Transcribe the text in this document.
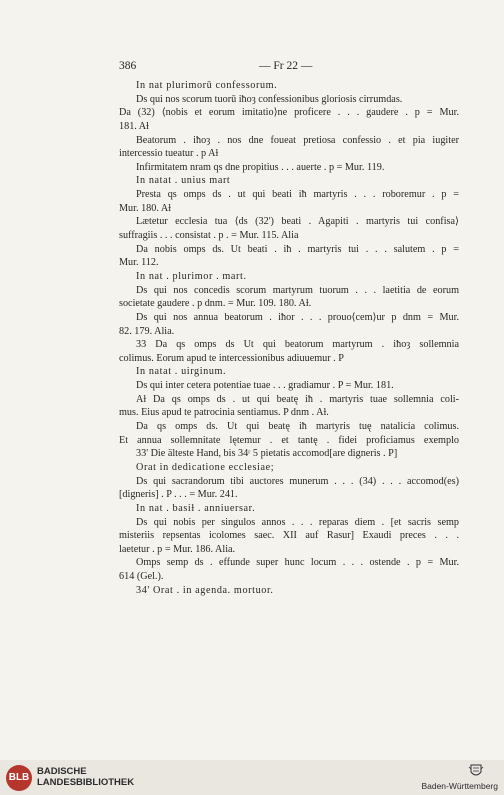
386	— Fr 22 —
In nat plurimorū confessorum.
Ds qui nos scorum tuorū iħoȝ confessionibus gloriosis cirrumdas.
Da (32) ⟨nobis et eorum imitatio⟩ne proficere . . . gaudere . p = Mur.
181. Aƚ
Beatorum . iħoȝ . nos dne foueat pretiosa confessio . et pia iugiter
intercessio tueatur . p Aƚ
Infirmitatem nram qs dne propitius . . . auerte . p = Mur. 119.
In natat . unius mart
Presta qs omps ds . ut qui beati iħ martyris . . . roboremur . p =
Mur. 180. Aƚ
Lætetur ecclesia tua ⟨ds (32') beati . Agapiti . martyris tui confisa⟩
suffragiis . . . consistat . p . = Mur. 115. Alia
Da nobis omps ds. Ut beati . iħ . martyris tui . . . salutem . p =
Mur. 112.
In nat . plurimor . mart.
Ds qui nos concedis scorum martyrum tuorum . . . laetitia de eorum
societate gaudere . p dnm. = Mur. 109. 180. Aƚ.
Ds qui nos annua beatorum . iħor . . . prouo⟨cem⟩ur p dnm = Mur.
82. 179. Alia.
33 Da qs omps ds Ut qui beatorum martyrum . iħoȝ sollemnia
colimus. Eorum apud te intercessionibus adiuuemur . P
In natat . uirginum.
Ds qui inter cetera potentiae tuae . . . gradiamur . P = Mur. 181.
Aƚ Da qs omps ds . ut qui beatę iħ . martyris tuae sollemnia coli-
mus. Eius apud te patrocinia sentiamus. P dnm . Aƚ.
Da qs omps ds. Ut qui beatę iħ martyris tuę natalicia colimus.
Et annua sollemnitate lętemur . et tantę . fidei proficiamus exemplo
33' Die älteste Hand, bis 34ʳ 5 pietatis accomod[are digneris . P]
Orat in dedicatione ecclesiae;
Ds qui sacrandorum tibi auctores munerum . . . (34) . . . accomod(es)
[digneris] . P . . . = Mur. 241.
In nat . basiƚ . anniuersar.
Ds qui nobis per singulos annos . . . reparas diem . [et sacris semp
misteriis repsentas icolomes saec. XII auf Rasur] Exaudi preces . . .
laetetur . p = Mur. 186. Alia.
Omps semp ds . effunde super hunc locum . . . ostende . p = Mur.
614 (Gel.).
34' Orat . in agenda. mortuor.
BLB
BADISCHE
LANDESBIBLIOTHEK	Baden-Württemberg
